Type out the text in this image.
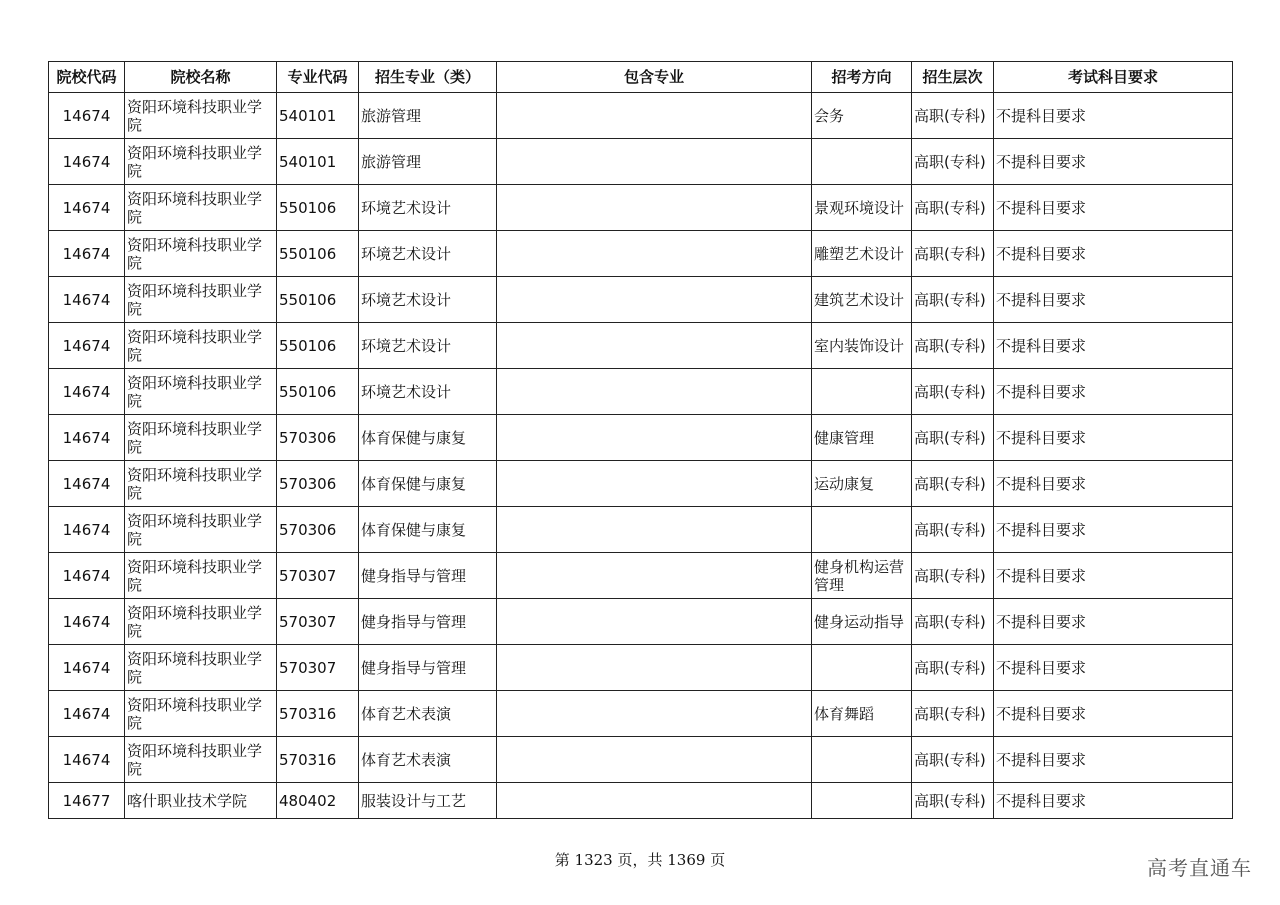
院校代码	院校名称	专业代码	招生专业（类）	包含专业	招考方向	招生层次	考试科目要求
14674	资阳环境科技职业学院	540101	旅游管理		会务	高职(专科)	不提科目要求
14674	资阳环境科技职业学院	540101	旅游管理			高职(专科)	不提科目要求
14674	资阳环境科技职业学院	550106	环境艺术设计		景观环境设计	高职(专科)	不提科目要求
14674	资阳环境科技职业学院	550106	环境艺术设计		雕塑艺术设计	高职(专科)	不提科目要求
14674	资阳环境科技职业学院	550106	环境艺术设计		建筑艺术设计	高职(专科)	不提科目要求
14674	资阳环境科技职业学院	550106	环境艺术设计		室内装饰设计	高职(专科)	不提科目要求
14674	资阳环境科技职业学院	550106	环境艺术设计			高职(专科)	不提科目要求
14674	资阳环境科技职业学院	570306	体育保健与康复		健康管理	高职(专科)	不提科目要求
14674	资阳环境科技职业学院	570306	体育保健与康复		运动康复	高职(专科)	不提科目要求
14674	资阳环境科技职业学院	570306	体育保健与康复			高职(专科)	不提科目要求
14674	资阳环境科技职业学院	570307	健身指导与管理		健身机构运营管理	高职(专科)	不提科目要求
14674	资阳环境科技职业学院	570307	健身指导与管理		健身运动指导	高职(专科)	不提科目要求
14674	资阳环境科技职业学院	570307	健身指导与管理			高职(专科)	不提科目要求
14674	资阳环境科技职业学院	570316	体育艺术表演		体育舞蹈	高职(专科)	不提科目要求
14674	资阳环境科技职业学院	570316	体育艺术表演			高职(专科)	不提科目要求
14677	喀什职业技术学院	480402	服装设计与工艺			高职(专科)	不提科目要求
第 1323 页，共 1369 页	高考直通车
